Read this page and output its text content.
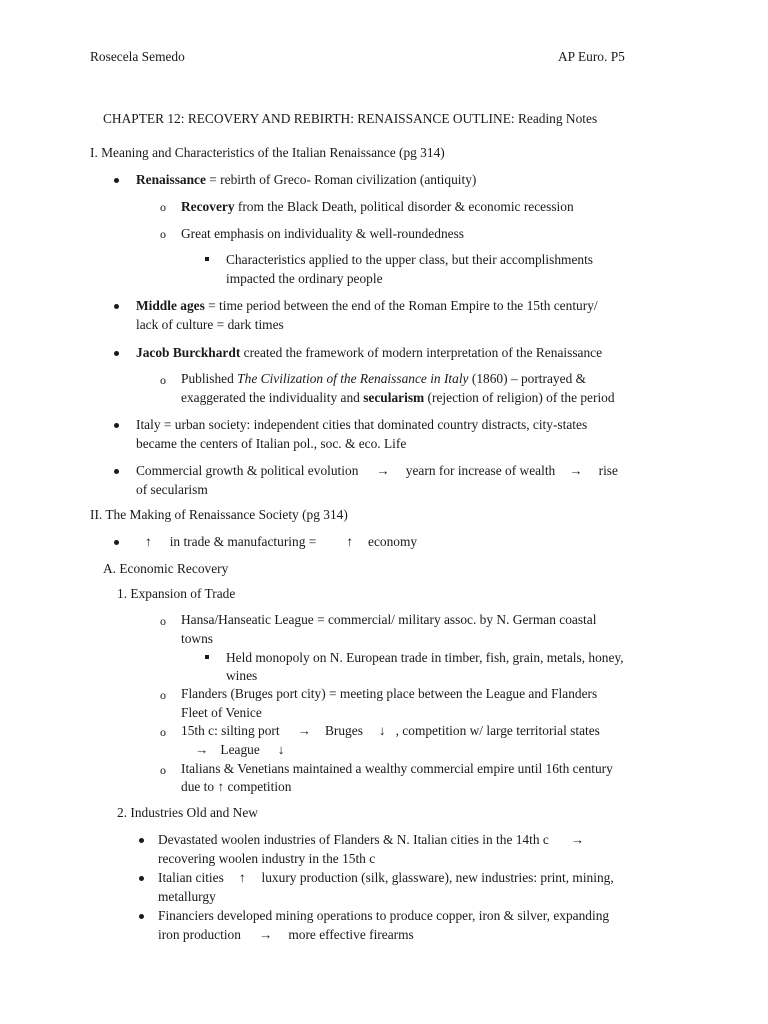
Rosecela Semedo	AP Euro. P5
CHAPTER 12: RECOVERY AND REBIRTH: RENAISSANCE OUTLINE: Reading Notes
I. Meaning and Characteristics of the Italian Renaissance (pg 314)
Renaissance = rebirth of Greco- Roman civilization (antiquity)
o Recovery from the Black Death, political disorder & economic recession
o Great emphasis on individuality & well-roundedness
Characteristics applied to the upper class, but their accomplishments
impacted the ordinary people
Middle ages = time period between the end of the Roman Empire to the 15th century/
lack of culture = dark times
Jacob Burckhardt created the framework of modern interpretation of the Renaissance
o Published The Civilization of the Renaissance in Italy (1860) – portrayed &
exaggerated the individuality and secularism (rejection of religion) of the period
Italy = urban society: independent cities that dominated country distracts, city-states
became the centers of Italian pol., soc. & eco. Life
Commercial growth & political evolution → yearn for increase of wealth → rise
of secularism
II. The Making of Renaissance Society (pg 314)
↑ in trade & manufacturing = ↑ economy
A. Economic Recovery
1. Expansion of Trade
o Hansa/Hanseatic League = commercial/ military assoc. by N. German coastal
towns
Held monopoly on N. European trade in timber, fish, grain, metals, honey,
wines
o Flanders (Bruges port city) = meeting place between the League and Flanders
Fleet of Venice
o 15th c: silting port → Bruges ↓ , competition w/ large territorial states
→ League ↓
o Italians & Venetians maintained a wealthy commercial empire until 16th century
due to ↑ competition
2. Industries Old and New
Devastated woolen industries of Flanders & N. Italian cities in the 14th c →
recovering woolen industry in the 15th c
Italian cities ↑ luxury production (silk, glassware), new industries: print, mining,
metallurgy
Financiers developed mining operations to produce copper, iron & silver, expanding
iron production → more effective firearms
